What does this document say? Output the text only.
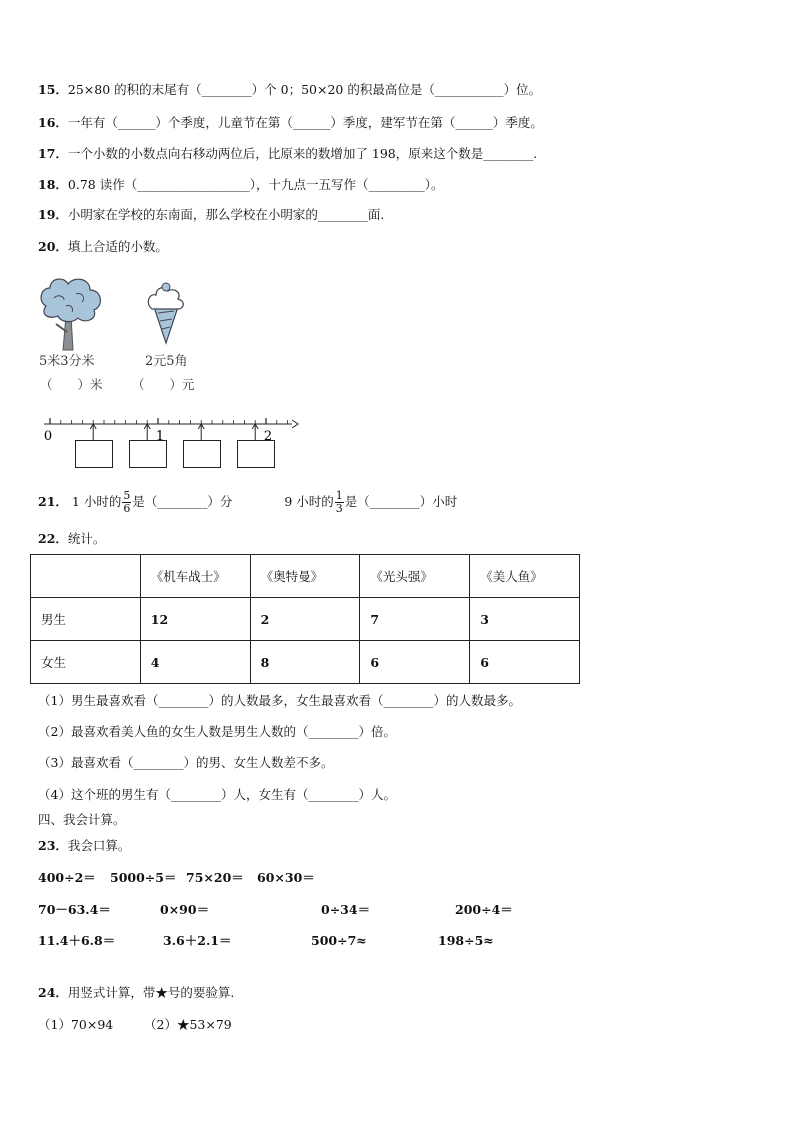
15．25×80 的积的末尾有（________）个 0；50×20 的积最高位是（___________）位。
16．一年有（______）个季度，儿童节在第（______）季度，建军节在第（______）季度。
17．一个小数的小数点向右移动两位后，比原来的数增加了 198，原来这个数是________.
18．0.78 读作（__________________），十九点一五写作（_________）。
19．小明家在学校的东南面，那么学校在小明家的________面.
20．填上合适的小数。
5米3分米	2元5角
（　　）米 （　　）元
0	1	2
21． 1 小时的 $\frac{5}{6}$ 是（________）分	9 小时的 $\frac{1}{3}$ 是（________）小时
22．统计。
	《机车战士》	《奥特曼》	《光头强》	《美人鱼》
男生	12	2	7	3
女生	4	8	6	6
（1）男生最喜欢看（________）的人数最多，女生最喜欢看（________）的人数最多。
（2）最喜欢看美人鱼的女生人数是男生人数的（________）倍。
（3）最喜欢看（________）的男、女生人数差不多。
（4）这个班的男生有（________）人，女生有（________）人。
四、我会计算。
23．我会口算。
400÷2＝ 5000÷5＝ 75×20＝ 60×30＝
70－63.4＝	0×90＝	0÷34＝	200÷4＝
11.4＋6.8＝	3.6＋2.1＝	500÷7≈	198÷5≈
24．用竖式计算，带★号的要验算.
（1）70×94 （2）★53×79
